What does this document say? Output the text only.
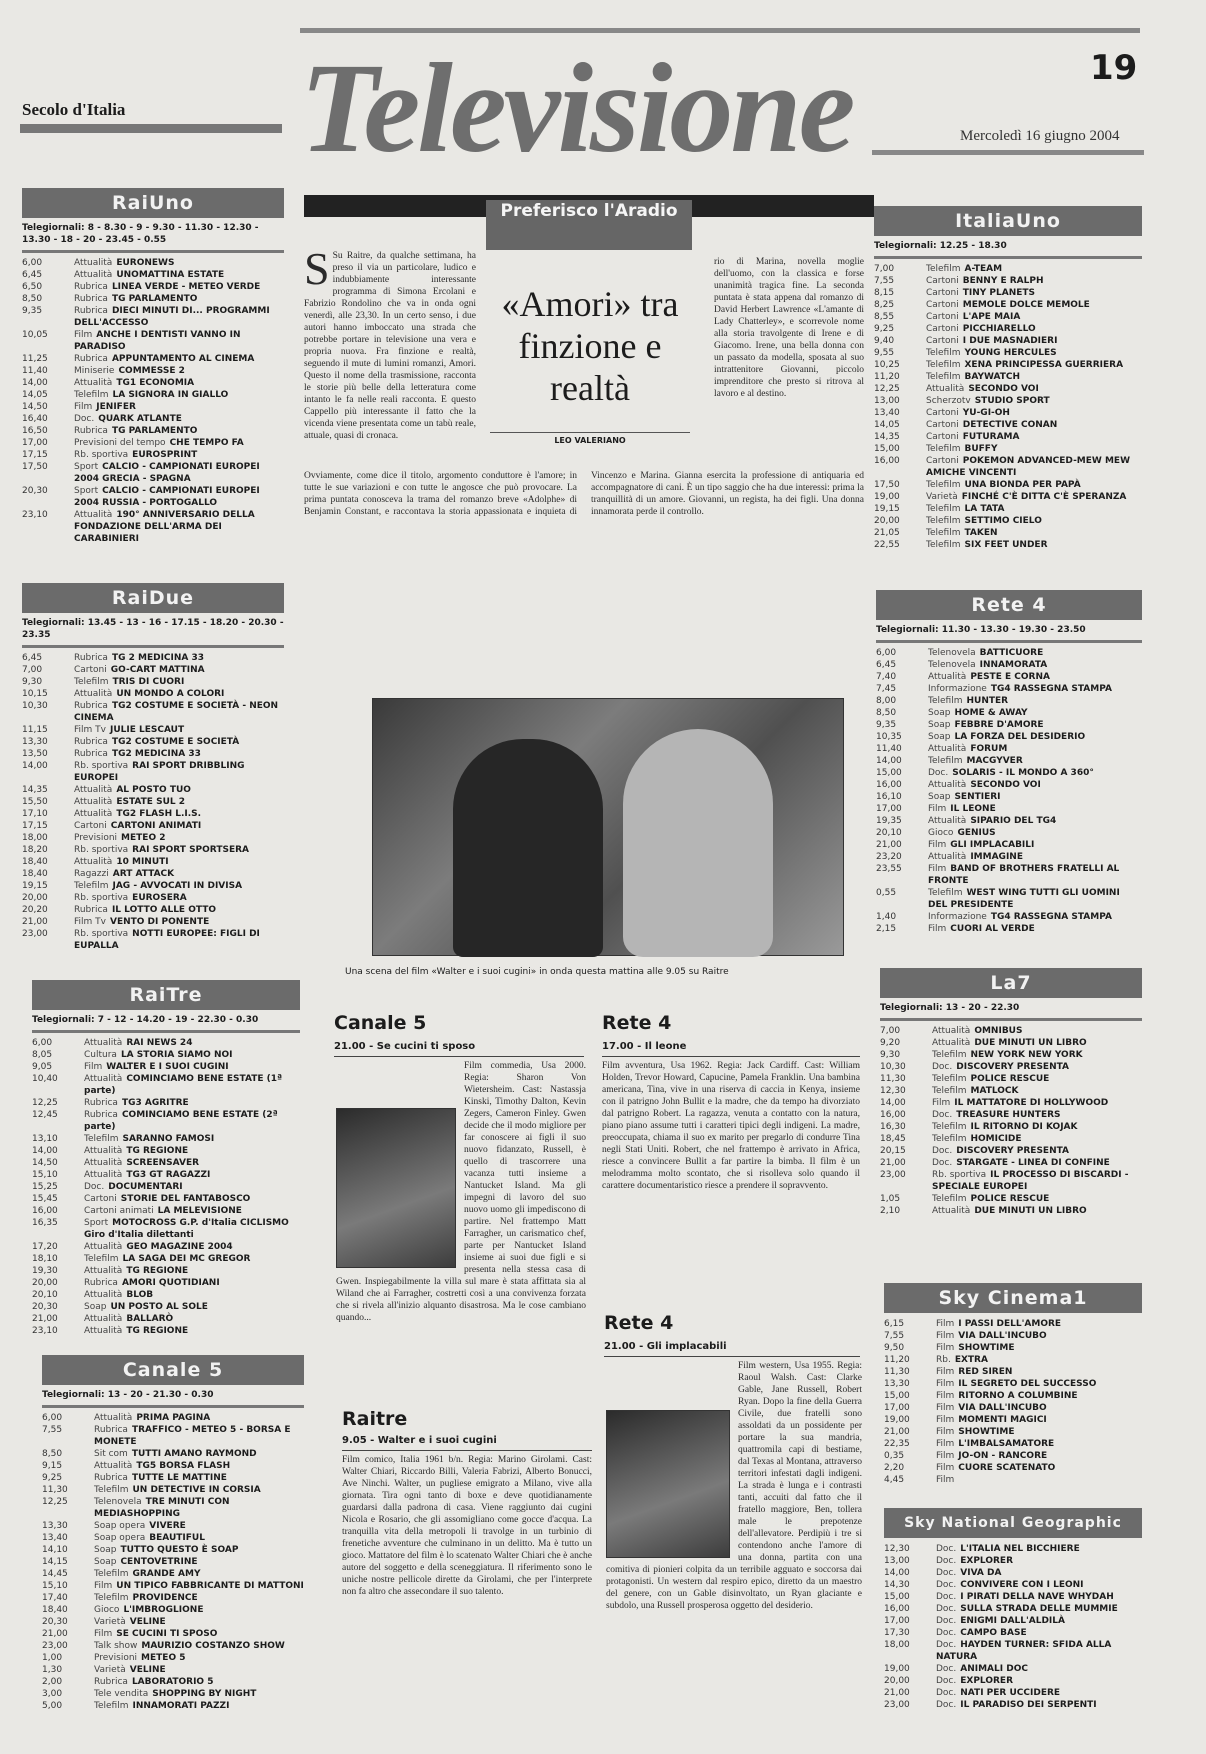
Televisione
Secolo d'Italia
19
Mercoledì 16 giugno 2004
RaiUno
Telegiornali: 8 - 8.30 - 9 - 9.30 - 11.30 - 12.30 - 13.30 - 18 - 20 - 23.45 - 0.55
6,00	Attualità EURONEWS
6,45	Attualità UNOMATTINA ESTATE
6,50	Rubrica LINEA VERDE - METEO VERDE
8,50	Rubrica TG PARLAMENTO
9,35	Rubrica DIECI MINUTI DI... PROGRAMMI DELL'ACCESSO
10,05	Film ANCHE I DENTISTI VANNO IN PARADISO
11,25	Rubrica APPUNTAMENTO AL CINEMA
11,40	Miniserie COMMESSE 2
14,00	Attualità TG1 ECONOMIA
14,05	Telefilm LA SIGNORA IN GIALLO
14,50	Film JENIFER
16,40	Doc. QUARK ATLANTE
16,50	Rubrica TG PARLAMENTO
17,00	Previsioni del tempo CHE TEMPO FA
17,15	Rb. sportiva EUROSPRINT
17,50	Sport CALCIO - CAMPIONATI EUROPEI 2004 GRECIA - SPAGNA
20,30	Sport CALCIO - CAMPIONATI EUROPEI 2004 RUSSIA - PORTOGALLO
23,10	Attualità 190° ANNIVERSARIO DELLA FONDAZIONE DELL'ARMA DEI CARABINIERI
RaiDue
Telegiornali: 13.45 - 13 - 16 - 17.15 - 18.20 - 20.30 - 23.35
6,45	Rubrica TG 2 MEDICINA 33
7,00	Cartoni GO-CART MATTINA
9,30	Telefilm TRIS DI CUORI
10,15	Attualità UN MONDO A COLORI
10,30	Rubrica TG2 COSTUME E SOCIETÀ - NEON CINEMA
11,15	Film Tv JULIE LESCAUT
13,30	Rubrica TG2 COSTUME E SOCIETÀ
13,50	Rubrica TG2 MEDICINA 33
14,00	Rb. sportiva RAI SPORT DRIBBLING EUROPEI
14,35	Attualità AL POSTO TUO
15,50	Attualità ESTATE SUL 2
17,10	Attualità TG2 FLASH L.I.S.
17,15	Cartoni CARTONI ANIMATI
18,00	Previsioni METEO 2
18,20	Rb. sportiva RAI SPORT SPORTSERA
18,40	Attualità 10 MINUTI
18,40	Ragazzi ART ATTACK
19,15	Telefilm JAG - AVVOCATI IN DIVISA
20,00	Rb. sportiva EUROSERA
20,20	Rubrica IL LOTTO ALLE OTTO
21,00	Film Tv VENTO DI PONENTE
23,00	Rb. sportiva NOTTI EUROPEE: FIGLI DI EUPALLA
RaiTre
Telegiornali: 7 - 12 - 14.20 - 19 - 22.30 - 0.30
6,00	Attualità RAI NEWS 24
8,05	Cultura LA STORIA SIAMO NOI
9,05	Film WALTER E I SUOI CUGINI
10,40	Attualità COMINCIAMO BENE ESTATE (1ª parte)
12,25	Rubrica TG3 AGRITRE
12,45	Rubrica COMINCIAMO BENE ESTATE (2ª parte)
13,10	Telefilm SARANNO FAMOSI
14,00	Attualità TG REGIONE
14,50	Attualità SCREENSAVER
15,10	Attualità TG3 GT RAGAZZI
15,25	Doc. DOCUMENTARI
15,45	Cartoni STORIE DEL FANTABOSCO
16,00	Cartoni animati LA MELEVISIONE
16,35	Sport MOTOCROSS G.P. d'Italia CICLISMO Giro d'Italia dilettanti
17,20	Attualità GEO MAGAZINE 2004
18,10	Telefilm LA SAGA DEI MC GREGOR
19,30	Attualità TG REGIONE
20,00	Rubrica AMORI QUOTIDIANI
20,10	Attualità BLOB
20,30	Soap UN POSTO AL SOLE
21,00	Attualità BALLARÒ
23,10	Attualità TG REGIONE
Canale 5
Telegiornali: 13 - 20 - 21.30 - 0.30
6,00	Attualità PRIMA PAGINA
7,55	Rubrica TRAFFICO - METEO 5 - BORSA E MONETE
8,50	Sit com TUTTI AMANO RAYMOND
9,15	Attualità TG5 BORSA FLASH
9,25	Rubrica TUTTE LE MATTINE
11,30	Telefilm UN DETECTIVE IN CORSIA
12,25	Telenovela TRE MINUTI CON MEDIASHOPPING
13,30	Soap opera VIVERE
13,40	Soap opera BEAUTIFUL
14,10	Soap TUTTO QUESTO È SOAP
14,15	Soap CENTOVETRINE
14,45	Telefilm GRANDE AMY
15,10	Film UN TIPICO FABBRICANTE DI MATTONI
17,40	Telefilm PROVIDENCE
18,40	Gioco L'IMBROGLIONE
20,30	Varietà VELINE
21,00	Film SE CUCINI TI SPOSO
23,00	Talk show MAURIZIO COSTANZO SHOW
1,00	Previsioni METEO 5
1,30	Varietà VELINE
2,00	Rubrica LABORATORIO 5
3,00	Tele vendita SHOPPING BY NIGHT
5,00	Telefilm INNAMORATI PAZZI
ItaliaUno
Telegiornali: 12.25 - 18.30
7,00	Telefilm A-TEAM
7,55	Cartoni BENNY E RALPH
8,15	Cartoni TINY PLANETS
8,25	Cartoni MEMOLE DOLCE MEMOLE
8,55	Cartoni L'APE MAIA
9,25	Cartoni PICCHIARELLO
9,40	Cartoni I DUE MASNADIERI
9,55	Telefilm YOUNG HERCULES
10,25	Telefilm XENA PRINCIPESSA GUERRIERA
11,20	Telefilm BAYWATCH
12,25	Attualità SECONDO VOI
13,00	Scherzotv STUDIO SPORT
13,40	Cartoni YU-GI-OH
14,05	Cartoni DETECTIVE CONAN
14,35	Cartoni FUTURAMA
15,00	Telefilm BUFFY
16,00	Cartoni POKEMON ADVANCED-MEW MEW AMICHE VINCENTI
17,50	Telefilm UNA BIONDA PER PAPÀ
19,00	Varietà FINCHÉ C'È DITTA C'È SPERANZA
19,15	Telefilm LA TATA
20,00	Telefilm SETTIMO CIELO
21,05	Telefilm TAKEN
22,55	Telefilm SIX FEET UNDER
Rete 4
Telegiornali: 11.30 - 13.30 - 19.30 - 23.50
6,00	Telenovela BATTICUORE
6,45	Telenovela INNAMORATA
7,40	Attualità PESTE E CORNA
7,45	Informazione TG4 RASSEGNA STAMPA
8,00	Telefilm HUNTER
8,50	Soap HOME & AWAY
9,35	Soap FEBBRE D'AMORE
10,35	Soap LA FORZA DEL DESIDERIO
11,40	Attualità FORUM
14,00	Telefilm MACGYVER
15,00	Doc. SOLARIS - IL MONDO A 360°
16,00	Attualità SECONDO VOI
16,10	Soap SENTIERI
17,00	Film IL LEONE
19,35	Attualità SIPARIO DEL TG4
20,10	Gioco GENIUS
21,00	Film GLI IMPLACABILI
23,20	Attualità IMMAGINE
23,55	Film BAND OF BROTHERS FRATELLI AL FRONTE
0,55	Telefilm WEST WING TUTTI GLI UOMINI DEL PRESIDENTE
1,40	Informazione TG4 RASSEGNA STAMPA
2,15	Film CUORI AL VERDE
La7
Telegiornali: 13 - 20 - 22.30
7,00	Attualità OMNIBUS
9,20	Attualità DUE MINUTI UN LIBRO
9,30	Telefilm NEW YORK NEW YORK
10,30	Doc. DISCOVERY PRESENTA
11,30	Telefilm POLICE RESCUE
12,30	Telefilm MATLOCK
14,00	Film IL MATTATORE DI HOLLYWOOD
16,00	Doc. TREASURE HUNTERS
16,30	Telefilm IL RITORNO DI KOJAK
18,45	Telefilm HOMICIDE
20,15	Doc. DISCOVERY PRESENTA
21,00	Doc. STARGATE - LINEA DI CONFINE
23,00	Rb. sportiva IL PROCESSO DI BISCARDI - SPECIALE EUROPEI
1,05	Telefilm POLICE RESCUE
2,10	Attualità DUE MINUTI UN LIBRO
Sky Cinema1
6,15	Film I PASSI DELL'AMORE
7,55	Film VIA DALL'INCUBO
9,50	Film SHOWTIME
11,20	Rb. EXTRA
11,30	Film RED SIREN
13,30	Film IL SEGRETO DEL SUCCESSO
15,00	Film RITORNO A COLUMBINE
17,00	Film VIA DALL'INCUBO
19,00	Film MOMENTI MAGICI
21,00	Film SHOWTIME
22,35	Film L'IMBALSAMATORE
0,35	Film JO-ON - RANCORE
2,20	Film CUORE SCATENATO
4,45	Film
Sky National Geographic
12,30	Doc. L'ITALIA NEL BICCHIERE
13,00	Doc. EXPLORER
14,00	Doc. VIVA DA
14,30	Doc. CONVIVERE CON I LEONI
15,00	Doc. I PIRATI DELLA NAVE WHYDAH
16,00	Doc. SULLA STRADA DELLE MUMMIE
17,00	Doc. ENIGMI DALL'ALDILÀ
17,30	Doc. CAMPO BASE
18,00	Doc. HAYDEN TURNER: SFIDA ALLA NATURA
19,00	Doc. ANIMALI DOC
20,00	Doc. EXPLORER
21,00	Doc. NATI PER UCCIDERE
23,00	Doc. IL PARADISO DEI SERPENTI
Preferisco l'Aradio
«Amori» tra finzione e realtà
LEO VALERIANO
S Su Raitre, da qualche settimana, ha preso il via un particolare, ludico e indubbiamente interessante programma di Simona Ercolani e Fabrizio Rondolino che va in onda ogni venerdì, alle 23,30. In un certo senso, i due autori hanno imboccato una strada che potrebbe portare in televisione una vera e propria nuova. Fra finzione e realtà, seguendo il mute di lumini romanzi, Amori. Questo il nome della trasmissione, racconta le storie più belle della letteratura come intanto le fa nelle reali racconta. E questo Cappello più interessante il fatto che la vicenda viene presentata come un tabù reale, attuale, quasi di cronaca.
rio di Marina, novella moglie dell'uomo, con la classica e forse unanimità tragica fine. La seconda puntata è stata appena dal romanzo di David Herbert Lawrence «L'amante di Lady Chatterley», e scorrevole nome alla storia travolgente di Irene e di Giacomo. Irene, una bella donna con un passato da modella, sposata al suo intrattenitore Giovanni, piccolo imprenditore che presto si ritrova al lavoro e al destino.
Ovviamente, come dice il titolo, argomento conduttore è l'amore; in tutte le sue variazioni e con tutte le angosce che può provocare. La prima puntata conosceva la trama del romanzo breve «Adolphe» di Benjamin Constant, e raccontava la storia appassionata e inquieta di Vincenzo e Marina. Gianna esercita la professione di antiquaria ed accompagnatore di cani. È un tipo saggio che ha due interessi: prima la tranquillità di un amore. Giovanni, un regista, ha dei figli. Una donna innamorata perde il controllo.
Una scena del film «Walter e i suoi cugini» in onda questa mattina alle 9.05 su Raitre
Canale 5
21.00 - Se cucini ti sposo
Film commedia, Usa 2000. Regia: Sharon Von Wietersheim. Cast: Nastassja Kinski, Timothy Dalton, Kevin Zegers, Cameron Finley. Gwen decide che il modo migliore per far conoscere ai figli il suo nuovo fidanzato, Russell, è quello di trascorrere una vacanza tutti insieme a Nantucket Island. Ma gli impegni di lavoro del suo nuovo uomo gli impediscono di partire. Nel frattempo Matt Farragher, un carismatico chef, parte per Nantucket Island insieme ai suoi due figli e si presenta nella stessa casa di Gwen. Inspiegabilmente la villa sul mare è stata affittata sia al Wiland che ai Farragher, costretti così a una convivenza forzata che si rivela all'inizio alquanto disastrosa. Ma le cose cambiano quando...
Raitre
9.05 - Walter e i suoi cugini
Film comico, Italia 1961 b/n. Regia: Marino Girolami. Cast: Walter Chiari, Riccardo Billi, Valeria Fabrizi, Alberto Bonucci, Ave Ninchi. Walter, un pugliese emigrato a Milano, vive alla giornata. Tira ogni tanto di boxe e deve quotidianamente guardarsi dalla padrona di casa. Viene raggiunto dai cugini Nicola e Rosario, che gli assomigliano come gocce d'acqua. La tranquilla vita della metropoli li travolge in un turbinio di frenetiche avventure che culminano in un delitto. Ma è tutto un gioco. Mattatore del film è lo scatenato Walter Chiari che è anche autore del soggetto e della sceneggiatura. Il riferimento sono le uniche nostre pellicole dirette da Girolami, che per l'interprete non fa altro che assecondare il suo talento.
Rete 4
17.00 - Il leone
Film avventura, Usa 1962. Regia: Jack Cardiff. Cast: William Holden, Trevor Howard, Capucine, Pamela Franklin. Una bambina americana, Tina, vive in una riserva di caccia in Kenya, insieme con il patrigno John Bullit e la madre, che da tempo ha divorziato dal patrigno Robert. La ragazza, venuta a contatto con la natura, piano piano assume tutti i caratteri tipici degli indigeni. La madre, preoccupata, chiama il suo ex marito per pregarlo di condurre Tina negli Stati Uniti. Robert, che nel frattempo è arrivato in Africa, riesce a convincere Bullit a far partire la bimba. Il film è un melodramma molto scontato, che si risolleva solo quando il carattere documentaristico riesce a prendere il sopravvento.
Rete 4
21.00 - Gli implacabili
Film western, Usa 1955. Regia: Raoul Walsh. Cast: Clarke Gable, Jane Russell, Robert Ryan. Dopo la fine della Guerra Civile, due fratelli sono assoldati da un possidente per portare la sua mandria, quattromila capi di bestiame, dal Texas al Montana, attraverso territori infestati dagli indigeni. La strada è lunga e i contrasti tanti, accuiti dal fatto che il fratello maggiore, Ben, tollera male le prepotenze dell'allevatore. Perdipiù i tre si contendono anche l'amore di una donna, partita con una comitiva di pionieri colpita da un terribile agguato e soccorsa dai protagonisti. Un western dal respiro epico, diretto da un maestro del genere, con un Gable disinvoltato, un Ryan glaciante e subdolo, una Russell prosperosa oggetto del desiderio.
